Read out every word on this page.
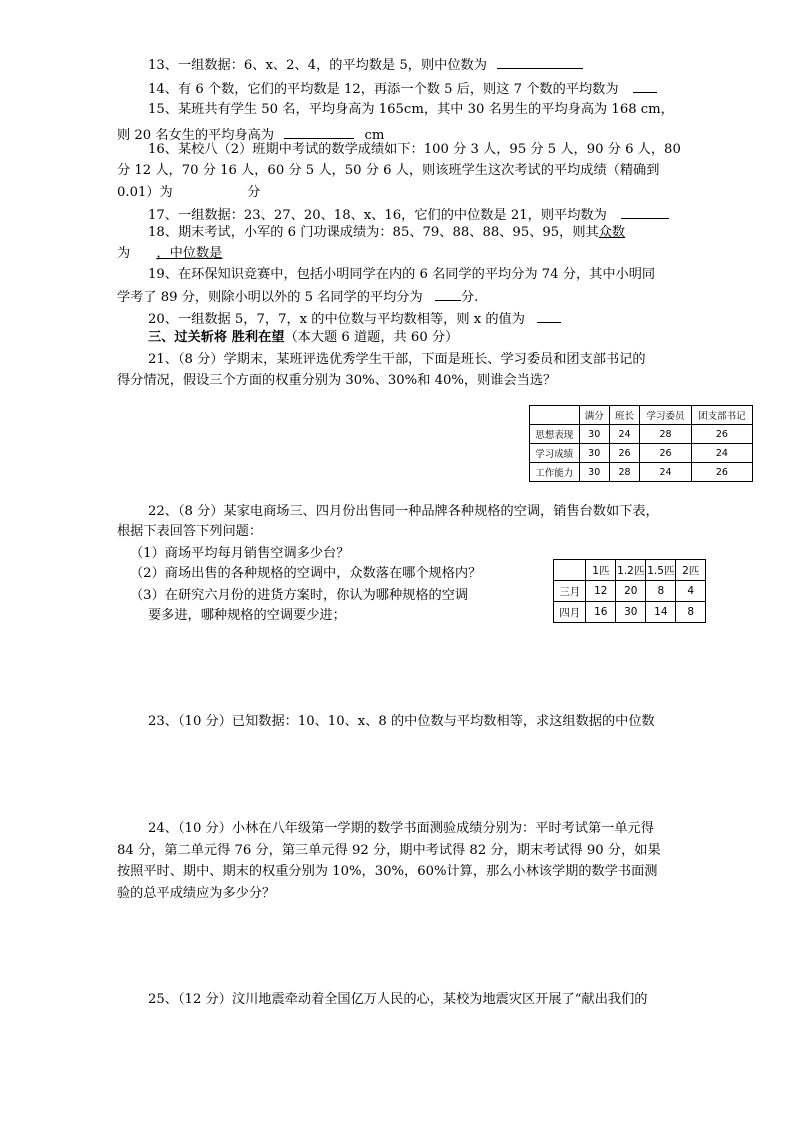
13、一组数据：6、x、2、4，的平均数是 5，则中位数为
14、有 6 个数，它们的平均数是 12，再添一个数 5 后，则这 7 个数的平均数为
15、某班共有学生 50 名，平均身高为 165cm，其中 30 名男生的平均身高为 168 cm，
则 20 名女生的平均身高为	cm
16、某校八（2）班期中考试的数学成绩如下：100 分 3 人，95 分 5 人，90 分 6 人，80
分 12 人，70 分 16 人，60 分 5 人，50 分 6 人，则该班学生这次考试的平均成绩（精确到
0.01）为	分
17、一组数据：23、27、20、18、x、16，它们的中位数是 21，则平均数为
18、期末考试，小军的 6 门功课成绩为：85、79、88、88、95、95，则其众数
为 ，中位数是
19、在环保知识竞赛中，包括小明同学在内的 6 名同学的平均分为 74 分，其中小明同
学考了 89 分，则除小明以外的 5 名同学的平均分为	分.
20、一组数据 5，7，7，x 的中位数与平均数相等，则 x 的值为
三、过关斩将 胜利在望（本大题 6 道题，共 60 分）
21、（8 分）学期末，某班评选优秀学生干部，下面是班长、学习委员和团支部书记的
得分情况，假设三个方面的权重分别为 30%、30%和 40%，则谁会当选？
	满分	班长	学习委员	团支部书记
思想表现	30	24	28	26
学习成绩	30	26	26	24
工作能力	30	28	24	26
22、（8 分）某家电商场三、四月份出售同一种品牌各种规格的空调，销售台数如下表，
根据下表回答下列问题：
（1）商场平均每月销售空调多少台？
（2）商场出售的各种规格的空调中，众数落在哪个规格内？
（3）在研究六月份的进货方案时，你认为哪种规格的空调
要多进，哪种规格的空调要少进；
	1匹	1.2匹	1.5匹	2匹
三月	12	20	8	4
四月	16	30	14	8
23、（10 分）已知数据：10、10、x、8 的中位数与平均数相等，求这组数据的中位数
24、（10 分）小林在八年级第一学期的数学书面测验成绩分别为：平时考试第一单元得
84 分，第二单元得 76 分，第三单元得 92 分，期中考试得 82 分，期末考试得 90 分，如果
按照平时、期中、期末的权重分别为 10%，30%，60%计算，那么小林该学期的数学书面测
验的总平成绩应为多少分？
25、（12 分）汶川地震牵动着全国亿万人民的心，某校为地震灾区开展了“献出我们的
